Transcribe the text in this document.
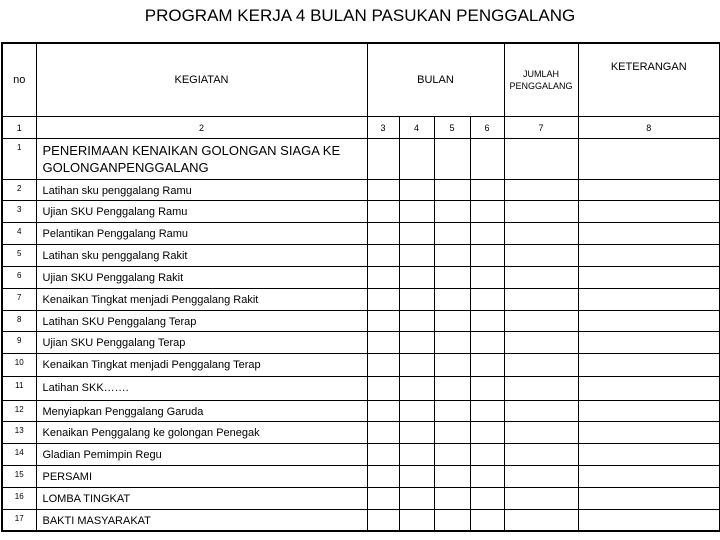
PROGRAM KERJA 4 BULAN PASUKAN PENGGALANG
no	KEGIATAN	BULAN				JUMLAH PENGGALANG	KETERANGAN
1	2	3	4	5	6	7	8
1	PENERIMAAN KENAIKAN GOLONGAN SIAGA KE GOLONGANPENGGALANG						
2	Latihan sku penggalang Ramu						
3	Ujian SKU Penggalang Ramu						
4	Pelantikan Penggalang Ramu						
5	Latihan sku penggalang Rakit						
6	Ujian SKU Penggalang Rakit						
7	Kenaikan Tingkat menjadi Penggalang Rakit						
8	Latihan SKU Penggalang Terap						
9	Ujian SKU Penggalang Terap						
10	Kenaikan Tingkat menjadi Penggalang Terap						
11	Latihan SKK…….						
12	Menyiapkan Penggalang Garuda						
13	Kenaikan Penggalang ke golongan Penegak						
14	Gladian Pemimpin Regu						
15	PERSAMI						
16	LOMBA TINGKAT						
17	BAKTI MASYARAKAT						
